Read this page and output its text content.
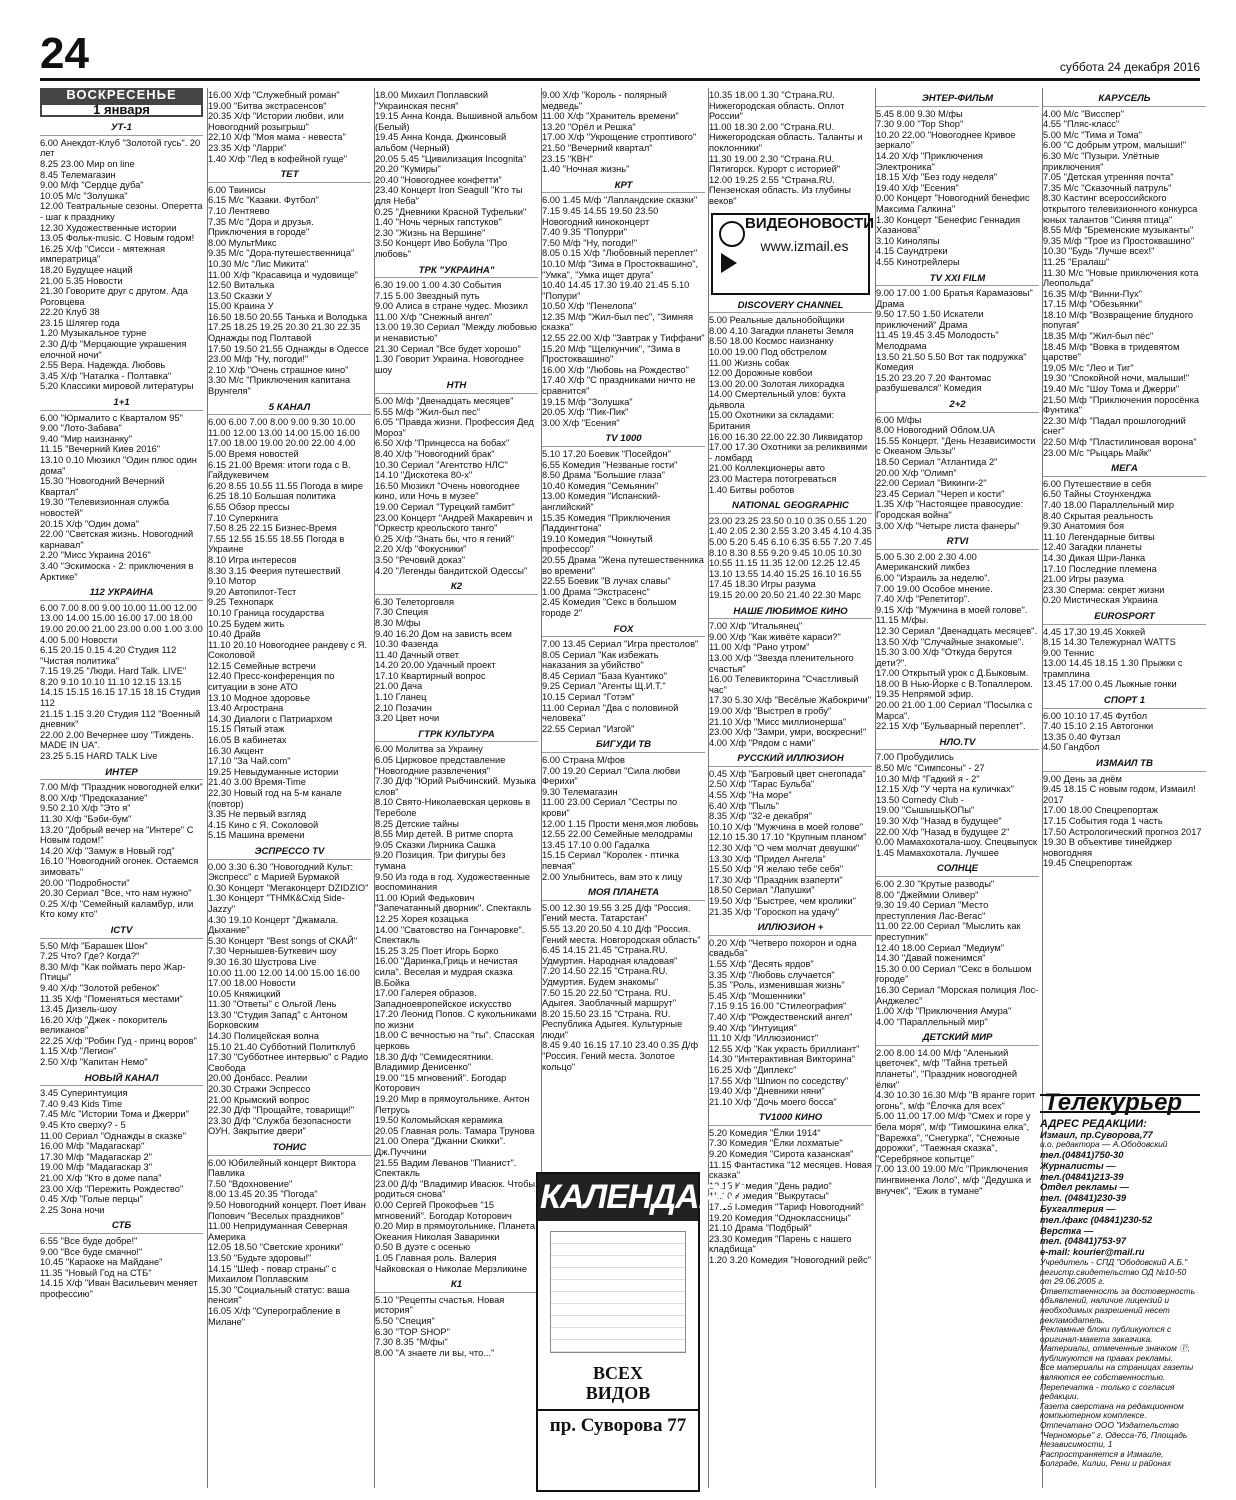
24	суббота 24 декабря 2016
ВОСКРЕСЕНЬЕ
1 января
УТ-1
6.00 Анекдот-Клуб "Золотой гусь". 20 лет
8.25 23.00 Мир on line
8.45 Телемагазин
9.00 М/ф "Сердце дуба"
10.05 М/с "Золушка"
12.00 Театральные сезоны. Оперетта - шаг к празднику
12.30 Художественные истории
13.05 Фольк-music. С Новым годом!
16.25 Х/ф "Сисси - мятежная императрица"
18.20 Будущее наций
21.00 5.35 Новости
21.30 Говорите друг с другом. Ада Роговцева
22.20 Клуб 38
23.15 Шлягер года
1.20 Музыкальное турне
2.30 Д/ф "Мерцающие украшения елочной ночи"
2.55 Вера. Надежда. Любовь
3.45 Х/ф "Наталка - Полтавка"
5.20 Классики мировой литературы
1+1
6.00 "Юрмалито с Кварталом 95"
9.00 "Лото-Забава"
9.40 "Мир наизнанку"
11.15 "Вечерний Киев 2016"
13.10 0.10 Мюзикл "Один плюс один дома"
15.30 "Новогодний Вечерний Квартал"
19.30 "Телевизионная служба новостей"
20.15 Х/ф "Один дома"
22.00 "Светская жизнь. Новогодний карнавал"
2.20 "Мисс Украина 2016"
3.40 "Эскимоска - 2: приключения в Арктике"
112 УКРАИНА
6.00 7.00 8.00 9.00 10.00 11.00 12.00 13.00 14.00 15.00 16.00 17.00 18.00 19.00 20.00 21.00 23.00 0.00 1.00 3.00 4.00 5.00 Новости
6.15 20.15 0.15 4.20 Студия 112 "Чистая политика"
7.15 19.25 "Люди. Hard Talk. LIVE"
8.20 9.10 10.10 11.10 12.15 13.15 14.15 15.15 16.15 17.15 18.15 Студия 112
21.15 1.15 3.20 Студия 112 "Военный дневник"
22.00 2.00 Вечернее шоу "Тиждень. MADE IN UA".
23.25 5.15 HARD TALK Live
ИНТЕР
7.00 М/ф "Праздник новогодней елки"
8.00 Х/ф "Предсказание"
9.50 2.10 Х/ф "Это я"
11.30 Х/ф "Бэби-бум"
13.20 "Добрый вечер на "Интере" С Новым годом!"
14.20 Х/ф "Замуж в Новый год"
16.10 "Новогодний огонек. Остаемся зимовать"
20.00 "Подробности"
20.30 Сериал "Все, что нам нужно"
0.25 Х/ф "Семейный каламбур, или Кто кому кто"
ICTV
5.50 М/ф "Барашек Шон"
7.25 Что? Где? Когда?"
8.30 М/ф "Как поймать перо Жар-Птицы"
9.40 Х/ф "Золотой ребенок"
11.35 Х/ф "Поменяться местами"
13.45 Дизель-шоу
16.20 Х/ф "Джек - покоритель великанов"
22.25 Х/ф "Робин Гуд - принц воров"
1.15 Х/ф "Легион"
2.50 Х/ф "Капитан Немо"
НОВЫЙ КАНАЛ
3.45 Суперинтуиция
7.40 9.43 Kids Time
7.45 М/с "Истории Тома и Джерри"
9.45 Кто сверху? - 5
11.00 Сериал "Однажды в сказке"
16.00 М/ф "Мадагаскар"
17.30 М/ф "Мадагаскар 2"
19.00 М/ф "Мадагаскар 3"
21.00 Х/ф "Кто в доме папа"
23.00 Х/ф "Пережить Рождество"
0.45 Х/ф "Голые перцы"
2.25 Зона ночи
СТБ
6.55 "Все буде добре!"
9.00 "Все буде смачно!"
10.45 "Караоке на Майдане"
11.35 "Новый Год на СТБ"
14.15 Х/ф "Иван Васильевич меняет профессию"
16.00 Х/ф "Служебный роман"
19.00 "Битва экстрасенсов"
20.35 Х/ф "Истории любви, или Новогодний розыгрыш"
22.10 Х/ф "Моя мама - невеста"
23.35 Х/ф "Ларри"
1.40 Х/ф "Лед в кофейной гуще"
ТЕТ
6.00 Твинисы
6.15 М/с "Казаки. Футбол"
7.10 Лентяево
7.35 М/с "Дора и друзья. Приключения в городе"
8.00 МультМикс
9.35 М/с "Дора-путешественница"
10.30 М/с "Лис Микита"
11.00 Х/ф "Красавица и чудовище"
12.50 Виталька
13.50 Сказки У
15.00 Краина У
16.50 18.50 20.55 Танька и Володька
17.25 18.25 19.25 20.30 21.30 22.35 Однажды под Полтавой
17.50 19.50 21.55 Однажды в Одессе
23.00 М/ф "Ну, погоди!"
2.10 Х/ф "Очень страшное кино"
3.30 М/с "Приключения капитана Врунгеля"
5 КАНАЛ
6.00 6.00 7.00 8.00 9.00 9.30 10.00 11.00 12.00 13.00 14.00 15.00 16.00 17.00 18.00 19.00 20.00 22.00 4.00 5.00 Время новостей
6.15 21.00 Время: итоги года с В. Гайдукевичем
6.20 8.55 10.55 11.55 Погода в мире
6.25 18.10 Большая политика
6.55 Обзор прессы
7.10 Суперкнига
7.50 8.25 22.15 Бизнес-Время
7.55 12.55 15.55 18.55 Погода в Украине
8.10 Игра интересов
8.30 3.15 Феерия путешествий
9.10 Мотор
9.20 Автопилот-Тест
9.25 Технопарк
10.10 Граница государства
10.25 Будем жить
10.40 Драйв
11.10 20.10 Новогоднее рандеву с Я. Соколовой
12.15 Семейные встречи
12.40 Пресс-конференция по ситуации в зоне АТО
13.10 Модное здоровье
13.40 Агространа
14.30 Диалоги с Патриархом
15.15 Пятый этаж
16.05 В кабинетах
16.30 Акцент
17.10 "За Чай.com"
19.25 Невыдуманные истории
21.40 3.00 Время-Time
22.30 Новый год на 5-м канале (повтор)
3.35 Не первый взгляд
4.15 Кино с Я. Соколовой
5.15 Машина времени
ЭСПРЕССО TV
0.00 3.30 6.30 "Новогодний Культ: Экспресс" с Марией Бурмакой
0.30 Концерт "Мегаконцерт DZIDZIO"
1.30 Концерт "ТНМК&Схід Side-Jazzy"
4.30 19.10 Концерт "Джамала. Дыхание"
5.30 Концерт "Best songs of СКАЙ"
7.30 Чернышев-Буткевич шоу
9.30 16.30 Шустрова Live
10.00 11.00 12.00 14.00 15.00 16.00 17.00 18.00 Новости
10.05 Княжицкий
11.30 "Ответы" с Ольгой Лень
13.30 "Студия Запад" с Антоном Борковским
14.30 Полицейская волна
15.10 21.40 Субботний Политклуб
17.30 "Субботнее интервью" с Радио Свобода
20.00 Донбасс. Реалии
20.30 Стражи Эспрессо
21.00 Крымский вопрос
22.30 Д/ф "Прощайте, товарищи!"
23.30 Д/ф "Служба безопасности ОУН. Закрытие двери"
ТОНИС
6.00 Юбилейный концерт Виктора Павлика
7.50 "Вдохновение"
8.00 13.45 20.35 "Погода"
9.50 Новогодний концерт. Поет Иван Попович "Веселых праздников"
11.00 Непридуманная Северная Америка
12.05 18.50 "Светские хроники"
13.50 "Будьте здоровы!"
14.15 "Шеф - повар страны" с Михаилом Поплавским
15.30 "Социальный статус: ваша пенсия"
16.05 Х/ф "Суперограбление в Милане"
18.00 Михаил Поплавский "Украинская песня"
19.15 Анна Конда. Вышивной альбом (Белый)
19.45 Анна Конда. Джинсовый альбом (Черный)
20.05 5.45 "Цивилизация Incognita"
20.20 "Кумиры"
20.40 "Новогоднее конфетти"
23.40 Концерт Iron Seagull "Кто ты для Неба"
0.25 "Дневники Красной Туфельки"
1.40 "Ночь черных гапстуков"
2.30 "Жизнь на Вершине"
3.50 Концерт Иво Бобула "Про любовь"
ТРК "УКРАИНА"
6.30 19.00 1.00 4.30 События
7.15 5.00 Звездный путь
9.00 Алиса в стране чудес. Мюзикл
11.00 Х/ф "Снежный ангел"
13.00 19.30 Сериал "Между любовью и ненавистью"
21.30 Сериал "Все будет хорошо"
1.30 Говорит Украина. Новогоднее шоу
НТН
5.00 М/ф "Двенадцать месяцев"
5.55 М/ф "Жил-был пес"
6.05 "Правда жизни. Профессия Дед Мороз"
6.50 Х/ф "Принцесса на бобах"
8.40 Х/ф "Новогодний брак"
10.30 Сериал "Агентство НЛС"
14.10 "Дискотека 80-х"
16.50 Мюзикл "Очень новогоднее кино, или Ночь в музее"
19.00 Сериал "Турецкий гамбит"
23.00 Концерт "Андрей Макаревич и "Оркестр креольского танго"
0.25 Х/ф "Знать бы, что я гений"
2.20 Х/ф "Фокусники"
3.50 "Речовий доказ"
4.20 "Легенды бандитской Одессы"
К2
6.30 Телеторговля
7.30 Специя
8.30 М/фы
9.40 16.20 Дом на зависть всем
10.30 Фазенда
11.40 Дачный ответ
14.20 20.00 Удачный проект
17.10 Квартирный вопрос
21.00 Дача
1.10 Гланец
2.10 Позачин
3.20 Цвет ночи
ГТРК КУЛЬТУРА
6.00 Молитва за Украину
6.05 Цирковое представление "Новогодние развлечения"
7.30 Д/ф "Юрий Рыбчинский. Музыка слов"
8.10 Свято-Николаевская церковь в Тереболе
8.25 Детские тайны
8.55 Мир детей. В ритме спорта
9.05 Сказки Лирника Сашка
9.20 Позиция. Три фигуры без туманa
9.50 Из года в год. Художественные воспоминания
11.00 Юрий Федькович "Запечатанный дворник". Спектакль
12.25 Хорея козацька
14.00 "Сватовство на Гончаровке". Спектакль
15.25 3.25 Поет Игорь Борко
16.00 "Даринка,Гриць и нечистая сила". Веселая и мудрая сказка В.Бойка
17.00 Галерея образов. Западноевропейское искусство
17.20 Леонид Попов. С кукольниками по жизни
18.00 С вечностью на "ты". Спасская церковь
18.30 Д/ф "Семидесятники. Владимир Денисенко"
19.00 "15 мгновений". Богодар Которович
19.20 Мир в прямоугольнике. Антон Петрусь
19.50 Коломыйская керамика
20.05 Главная роль. Тамара Трунова
21.00 Опера "Джанни Скикки". Дж.Пуччини
21.55 Вадим Леванов "Пианист". Спектакль
23.00 Д/ф "Владимир Ивасюк. Чтобы родиться снова"
0.00 Сергей Прокофьев "15 мгновений". Богодар Которович
0.20 Мир в прямоугольнике. Планета Океания Николая Заваринки
0.50 В дуэте с осенью
1.05 Главная роль. Валерия Чайковская о Николае Мерзликине
К1
5.10 "Рецепты счастья. Новая история"
5.50 "Специя"
6.30 "ТОР SHOP"
7.30 8.35 "М/фы"
8.00 "А знаете ли вы, что..."
9.00 Х/ф "Король - полярный медведь"
11.00 Х/ф "Хранитель времени"
13.20 "Орёл и Решка"
17.00 Х/ф "Укрощение строптивого"
21.50 "Вечерний квартал"
23.15 "КВН"
1.40 "Ночная жизнь"
КРТ
6.00 1.45 М/ф "Лапландские сказки"
7.15 9.45 14.55 19.50 23.50 Новогодний киноконцерт
7.40 9.35 "Попурри"
7.50 М/ф "Ну, погоди!"
8.05 0.15 Х/ф "Любовный переплет"
10.10 М/ф "Зима в Простоквашино", "Умка", "Умка ищет друга"
10.40 14.45 17.30 19.40 21.45 5.10 "Попури"
10.50 Х/ф "Пенелопа"
12.35 М/ф "Жил-был пес", "Зимняя сказка"
12.55 22.00 Х/ф "Завтрак у Тиффани"
15.20 М/ф "Щелкунчик", "Зима в Простоквашино"
16.00 Х/ф "Любовь на Рождество"
17.40 Х/ф "С праздниками ничто не сравнится"
19.15 М/ф "Золушка"
20.05 Х/ф "Пик-Пик"
3.00 Х/ф "Есения"
TV 1000
5.10 17.20 Боевик "Посейдон"
6.55 Комедия "Незваные гости"
8.50 Драма "Большие глаза"
10.40 Комедия "Семьянин"
13.00 Комедия "Испанский-английский"
15.35 Комедия "Приключения Паддингтона"
19.10 Комедия "Чокнутый профессор"
20.55 Драма "Жена путешественника во времени"
22.55 Боевик "В лучах славы"
1.00 Драма "Экстрасенс"
2.45 Комедия "Секс в большом городе 2"
FOX
7.00 13.45 Сериал "Игра престолов"
8.05 Сериал "Как избежать наказания за убийство"
8.45 Сериал "База Куантико"
9.25 Сериал "Агенты Щ.И.Т."
10.15 Сериал "Готэм"
11.00 Сериал "Два с половиной человека"
22.55 Сериал "Изгой"
БИГУДИ ТВ
6.00 Страна М/фов
7.00 19.20 Сериал "Сила любви Ферихи"
9.30 Телемагазин
11.00 23.00 Сериал "Сестры по крови"
12.00 1.15 Прости меня,моя любовь
12.55 22.00 Семейные мелодрамы
13.45 17.10 0.00 Гадалка
15.15 Сериал "Королек - птичка певчая"
2.00 Улыбнитесь, вам это к лицу
МОЯ ПЛАНЕТА
5.00 12.30 19.55 3.25 Д/ф "Россия. Гений места. Татарстан"
5.55 13.20 20.50 4.10 Д/ф "Россия. Гений места. Новгородская область"
6.45 14.15 21.45 "Страна.RU. Удмуртия. Народная кладовая"
7.20 14.50 22.15 "Страна.RU. Удмуртия. Будем знакомы"
7.50 15.20 22.50 "Страна. RU. Адыгея. Заоблачный маршрут"
8.20 15.50 23.15 "Страна. RU. Республика Адыгея. Культурные люди"
8.45 9.40 16.15 17.10 23.40 0.35 Д/ф "Россия. Гений места. Золотое кольцо"
10.35 18.00 1.30 "Страна.RU. Нижегородская область. Оплот России"
11.00 18.30 2.00 "Страна.RU. Нижегородская область. Таланты и поклонники"
11.30 19.00 2.30 "Страна.RU. Пятигорск. Курорт с историей"
12.00 19.25 2.55 "Страна.RU. Пензенская область. Из глубины веков"
ВИДЕОНОВОСТИ
www.izmail.es
DISCOVERY CHANNEL
5.00 Реальные дальнобойщики
8.00 4.10 Загадки планеты Земля
8.50 18.00 Космос наизнанку
10.00 19.00 Под обстрелом
11.00 Жизнь собак
12.00 Дорожные ковбои
13.00 20.00 Золотая лихорадка
14.00 Смертельный улов: бухта дьявола
15.00 Охотники за складами: Британия
16.00 16.30 22.00 22.30 Ликвидатор
17.00 17.30 Охотники за реликвиями - ломбард
21.00 Коллекционеры авто
23.00 Мастера потогреваться
1.40 Битвы роботов
NATIONAL GEOGRAPHIC
23.00 23.25 23.50 0.10 0.35 0.55 1.20 1.40 2.05 2.30 2.55 3.20 3.45 4.10 4.35 5.00 5.20 5.45 6.10 6.35 6.55 7.20 7.45 8.10 8.30 8.55 9.20 9.45 10.05 10.30 10.55 11.15 11.35 12.00 12.25 12.45 13.10 13.55 14.40 15.25 16.10 16.55 17.45 18.30 Игры разума
19.15 20.00 20.50 21.40 22.30 Марс
НАШЕ ЛЮБИМОЕ КИНО
7.00 Х/ф "Итальянец"
9.00 Х/ф "Как живёте караси?"
11.00 Х/ф "Рано утром"
13.00 Х/ф "Звезда пленительного счастья"
16.00 Телевикторина "Счастливый час"
17.30 5.30 Х/ф "Весёлые Жабокричи"
19.00 Х/ф "Выстрел в гробу"
21.10 Х/ф "Мисс миллионерша"
23.00 Х/ф "Замри, умри, воскресни!"
4.00 Х/ф "Рядом с нами"
РУССКИЙ ИЛЛЮЗИОН
0.45 Х/ф "Багровый цвет снегопада"
2.50 Х/ф "Тарас Бульба"
4.55 Х/ф "На море"
6.40 Х/ф "Пыль"
8.35 Х/ф "32-е декабря"
10.10 Х/ф "Мужчина в моей голове"
12.10 15.30 17.10 "Крупным планом"
12.30 Х/ф "О чем молчат девушки"
13.30 Х/ф "Придел Ангела"
15.50 Х/ф "Я желаю тебе себя"
17.30 Х/ф "Праздник взаперти"
18.50 Сериал "Лапушки"
19.50 Х/ф "Быстрее, чем кролики"
21.35 Х/ф "Гороскоп на удачу"
ИЛЛЮЗИОН +
0.20 Х/ф "Четверо похорон и одна свадьба"
1.55 Х/ф "Десять ярдов"
3.35 Х/ф "Любовь случается"
5.35 "Роль, изменившая жизнь"
5.45 Х/ф "Мошенники"
7.15 9.15 16.00 "Стилеография"
7.40 Х/ф "Рождественский ангел"
9.40 Х/ф "Интуиция"
11.10 Х/ф "Иллюзионист"
12.55 Х/ф "Как украсть бриллиант"
14.30 "Интерактивная Викторина"
16.25 Х/ф "Диплекс"
17.55 Х/ф "Шпион по соседству"
19.40 Х/ф "Дневники няни"
21.10 Х/ф "Дочь моего босса"
TV1000 КИНО
5.20 Комедия "Ёлки 1914"
7.30 Комедия "Ёлки лохматые"
9.20 Комедия "Сирота казанская"
11.15 Фантастика "12 месяцев. Новая сказка"
13.15 Комедия "День радио"
15.20 Комедия "Выкрутасы"
17.15 Комедия "Тариф Новогодний"
19.20 Комедия "Одноклассницы"
21.10 Драма "Подбрый"
23.30 Комедия "Парень с нашего кладбища"
1.20 3.20 Комедия "Новогодний рейс"
ЭНТЕР-ФИЛЬМ
5.45 8.00 9.30 М/фы
7.30 9.00 "Top Shop"
10.20 22.00 "Новогоднее Кривое зеркало"
14.20 Х/ф "Приключения Электроника"
18.15 Х/ф "Без году неделя"
19.40 Х/ф "Есения"
0.00 Концерт "Новогодний бенефис Максима Галкина"
1.30 Концерт "Бенефис Геннадия Хазанова"
3.10 Киноляпы
4.15 Саундтреки
4.55 Кинотрейлеры
TV XXI FILM
9.00 17.00 1.00 Братья Карамазовы" Драма
9.50 17.50 1.50 Искатели приключений" Драма
11.45 19.45 3.45 Молодость" Мелодрама
13.50 21.50 5.50 Вот так подружка" Комедия
15.20 23.20 7.20 Фантомас разбушевался" Комедия
2+2
6.00 М/фы
8.00 Новогодний Облом.UA
15.55 Концерт. "День Независимости с Океаном Эльзы"
18.50 Сериал "Атлантида 2"
20.00 Х/ф "Олимп"
22.00 Сериал "Викинги-2"
23.45 Сериал "Череп и кости"
1.35 Х/ф "Настоящее правосудие: Городская война"
3.00 Х/ф "Четыре листа фанеры"
RTVI
5.00 5.30 2.00 2.30 4.00 Американский ликбез
6.00 "Израиль за неделю".
7.00 19.00 Особое мнение.
7.40 Х/ф "Репетитор".
9.15 Х/ф "Мужчина в моей голове".
11.15 М/фы.
12.30 Сериал "Двенадцать месяцев".
13.50 Х/ф "Случайные знакомые".
15.30 3.00 Х/ф "Откуда берутся дети?".
17.00 Открытый урок с Д.Быковым.
18.00 В Нью-Йорке с В.Топаллером.
19.35 Непрямой эфир.
20.00 21.00 1.00 Сериал "Посылка с Марса".
22.15 Х/ф "Бульварный переплет".
НЛО.TV
7.00 Пробудились
8.50 М/с "Симпсоны" - 27
10.30 М/ф "Гадкий я - 2"
12.15 Х/ф "У черта на куличках"
13.50 Comedy Club -
19.00 "СышышьКОПы"
19.30 Х/ф "Назад в будущее"
22.00 Х/ф "Назад в будущее 2"
0.00 Мамахохотала-шоу. Спецвыпуск
1.45 Мамахохотала. Лучшее
СОЛНЦЕ
6.00 2.30 "Крутые разводы"
8.00 "Джеймии Оливер"
9.30 19.40 Сериал "Место преступления Лас-Вегас"
11.00 22.00 Сериал "Мыслить как преступник"
12.40 18.00 Сериал "Медиум"
14.30 "Давай поженимся"
15.30 0.00 Сериал "Секс в большом городе"
16.30 Сериал "Морская полиция Лос-Анджелес"
1.00 Х/ф "Приключения Амура"
4.00 "Параллельный мир"
ДЕТСКИЙ МИР
2.00 8.00 14.00 М/ф "Аленький цветочек", м/ф "Тайна третьей планеты", "Праздник новогодней ёлки"
4.30 10.30 16.30 М/ф "В яранге горит огонь", м/ф "Ёлочка для всех"
5.00 11.00 17.00 М/ф "Смех и горе у бела моря", м/ф "Тимошкина елка", "Варежка", "Снегурка", "Снежные дорожки", "Таежная сказка", "Серебряное копытце"
7.00 13.00 19.00 М/с "Приключения пингвиненка Лоло", м/ф "Дедушка и внучек", "Ежик в тумане"
КАРУСЕЛЬ
4.00 М/с "Висспер"
4.55 "Пляс-класс"
5.00 М/с "Тима и Тома"
6.00 "С добрым утром, малыши!"
6.30 М/с "Пузыри. Улётные приключения"
7.05 "Детская утренняя почта"
7.35 М/с "Сказочный патруль"
8.30 Кастинг всероссийского открытого телевизионного конкурса юных талантов "Синяя птица"
8.55 М/ф "Бременские музыканты"
9.35 М/ф "Трое из Простоквашино"
10.30 "Будь "Лучше всех!"
11.25 "Ералаш"
11.30 М/с "Новые приключения кота Леопольда"
16.35 М/ф "Винни-Пух"
17.15 М/ф "Обезьянки"
18.10 М/ф "Возвращение блудного попугая"
18.35 М/ф "Жил-был пёс"
18.45 М/ф "Вовка в тридевятом царстве"
19.05 М/с "Лео и Тиг"
19.30 "Спокойной ночи, малыши!"
19.40 М/с "Шоу Тома и Джерри"
21.50 М/ф "Приключения поросёнка Фунтика"
22.30 М/ф "Падал прошлогодний снег"
22.50 М/ф "Пластилиновая ворона"
23.00 М/с "Рыцарь Майк"
МЕГА
6.00 Путешествие в себя
6.50 Тайны Стоунхенджа
7.40 18.00 Параллельный мир
8.40 Скрытая реальность
9.30 Анатомия боя
11.10 Легендарные битвы
12.40 Загадки планеты
14.30 Дикая Шри-Ланка
17.10 Последние племена
21.00 Игры разума
23.30 Сперма: секрет жизни
0.20 Мистическая Украина
EUROSPORT
4.45 17.30 19.45 Хоккей
8.15 14.30 Тележурнал WATTS
9.00 Теннис
13.00 14.45 18.15 1.30 Прыжки с трамплина
13.45 17.00 0.45 Лыжные гонки
СПОРТ 1
6.00 10.10 17.45 Футбол
7.40 15.10 2.15 Автогонки
13.35 0.40 Футзал
4.50 Гандбол
ИЗМАИЛ ТВ
9.00 День за днём
9.45 18.15 С новым годом, Измаил! 2017
17.00 18.00 Спецрепортаж
17.15 События года 1 часть
17.50 Астрологический прогноз 2017
19.30 В объективе тинейджер новогодняя
19.45 Спецрепортаж
КАЛЕНДАРИ
ВСЕХ
ВИДОВ
пр. Суворова 77
Телекурьер
АДРЕС РЕДАКЦИИ:
Измаил, пр.Суворова,77
и.о. редактора — А.Ободовский
тел.(04841)750-30
Журналисты —
тел.(04841)213-39
Отдел рекламы —
тел. (04841)230-39
Бухгалтерия —
тел./факс (04841)230-52
Верстка —
тел. (04841)753-97
e-mail: kourier@mail.ru
Учредитель - СПД "Ободовский А.Б."
регистр.свидетельство ОД №10-50 от 29.06.2005 г.
Ответственность за достоверность объявлений, наличие лицензий и необходимых разрешений несет рекламодатель.
Рекламные блоки публикуются с оригинал-макета заказчика.
Материалы, отмеченные значком Ⓟ, публикуются на правах рекламы.
Все материалы на страницах газеты являются ее собственностью.
Перепечатка - только с согласия редакции.
Газета сверстана на редакционном компьютерном комплексе.
Отпечатано ООО "Издательство "Черноморье" г. Одесса-76, Площадь Независимости, 1
Распространяется в Измаиле, Болграде, Килии, Рени и районах
